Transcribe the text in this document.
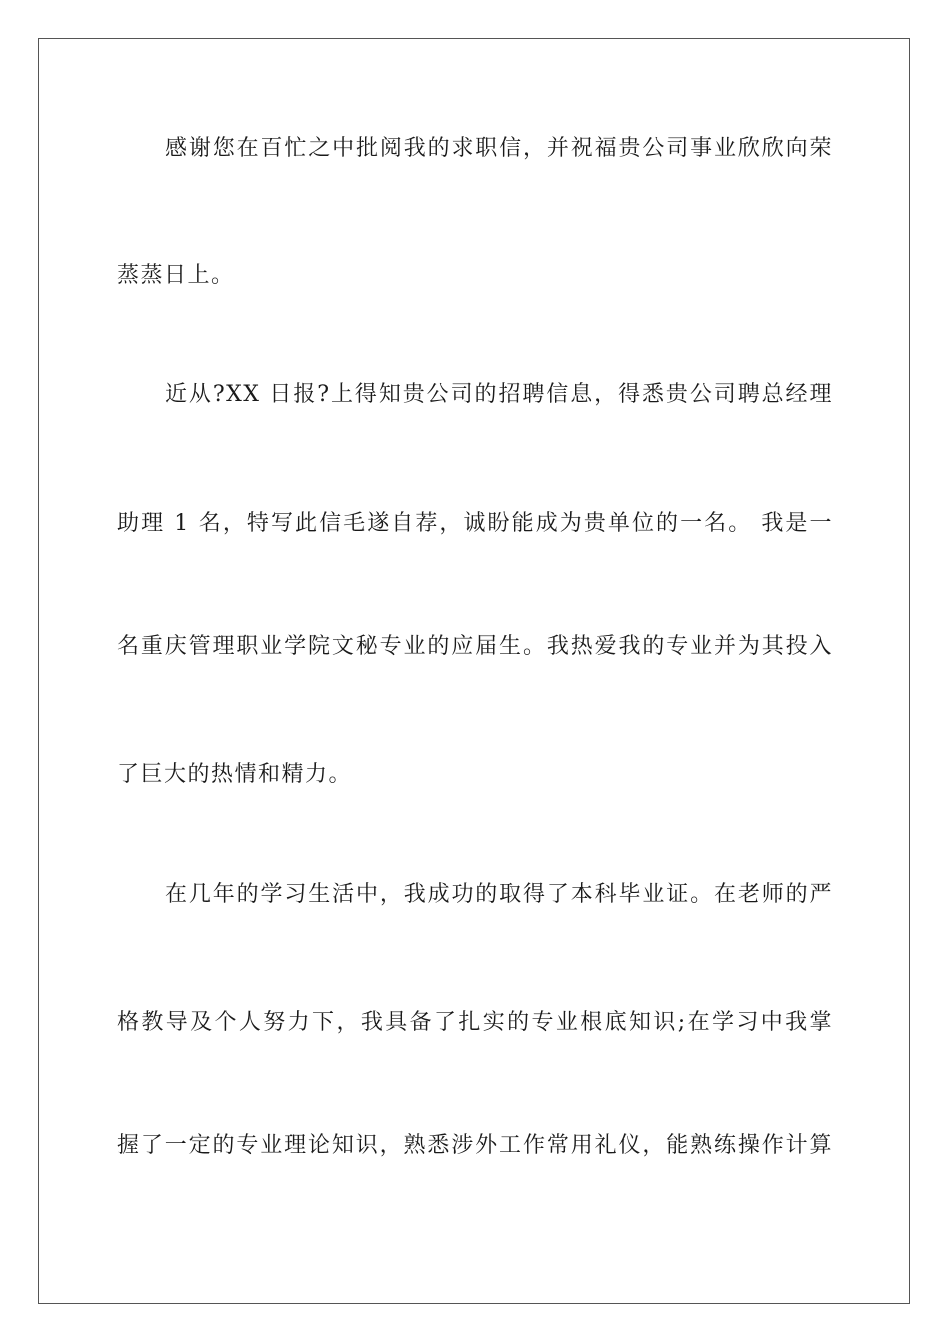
感谢您在百忙之中批阅我的求职信，并祝福贵公司事业欣欣向荣
蒸蒸日上。
近从?XX 日报?上得知贵公司的招聘信息，得悉贵公司聘总经理
助理 1 名，特写此信毛遂自荐，诚盼能成为贵单位的一名。 我是一
名重庆管理职业学院文秘专业的应届生。我热爱我的专业并为其投入
了巨大的热情和精力。
在几年的学习生活中，我成功的取得了本科毕业证。在老师的严
格教导及个人努力下，我具备了扎实的专业根底知识;在学习中我掌
握了一定的专业理论知识，熟悉涉外工作常用礼仪，能熟练操作计算
